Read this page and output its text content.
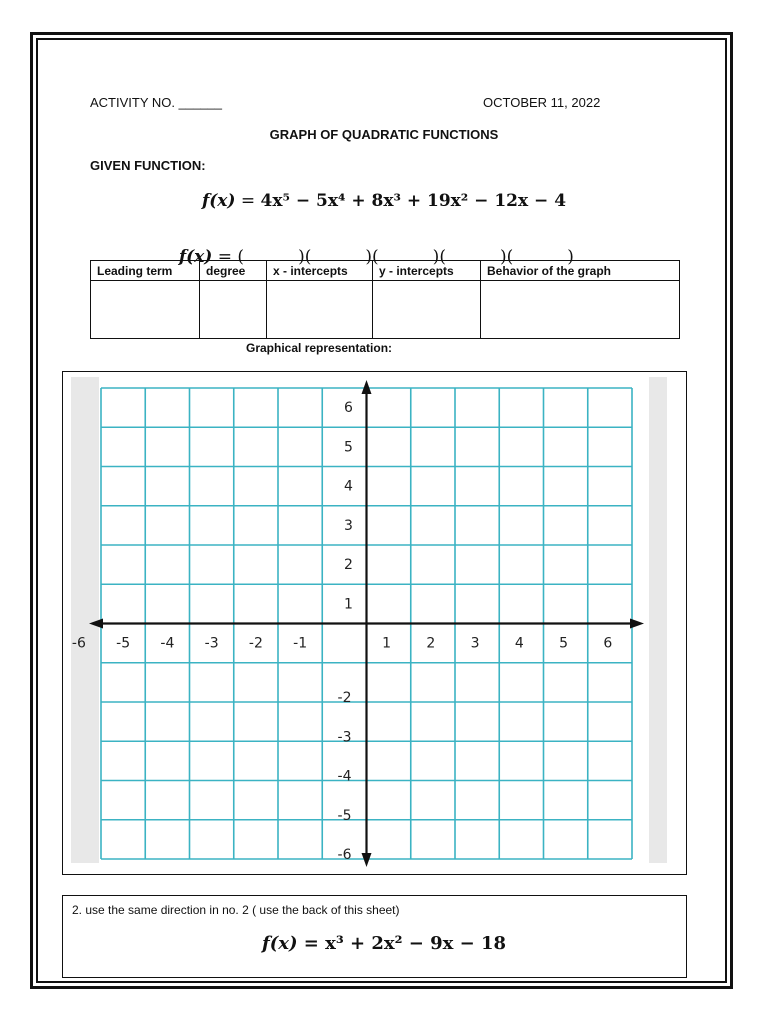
ACTIVITY NO. ______	OCTOBER 11, 2022
GRAPH OF QUADRATIC FUNCTIONS
GIVEN FUNCTION:
f(x) = 4x⁵ − 5x⁴ + 8x³ + 19x² − 12x − 4

f(x) = (          )(          )(          )(          )(          )

Leading term	degree	x - intercepts	y - intercepts	Behavior of the graph

Graphical representation:
-6 -5 -4 -3 -2 -1	1	2	3	4	5	6
1
2
3
4
5
6
-2
-3
-4
-5
-6
2. use the same direction in no. 2 ( use the back of this sheet)
f(x) = x³ + 2x² − 9x − 18
